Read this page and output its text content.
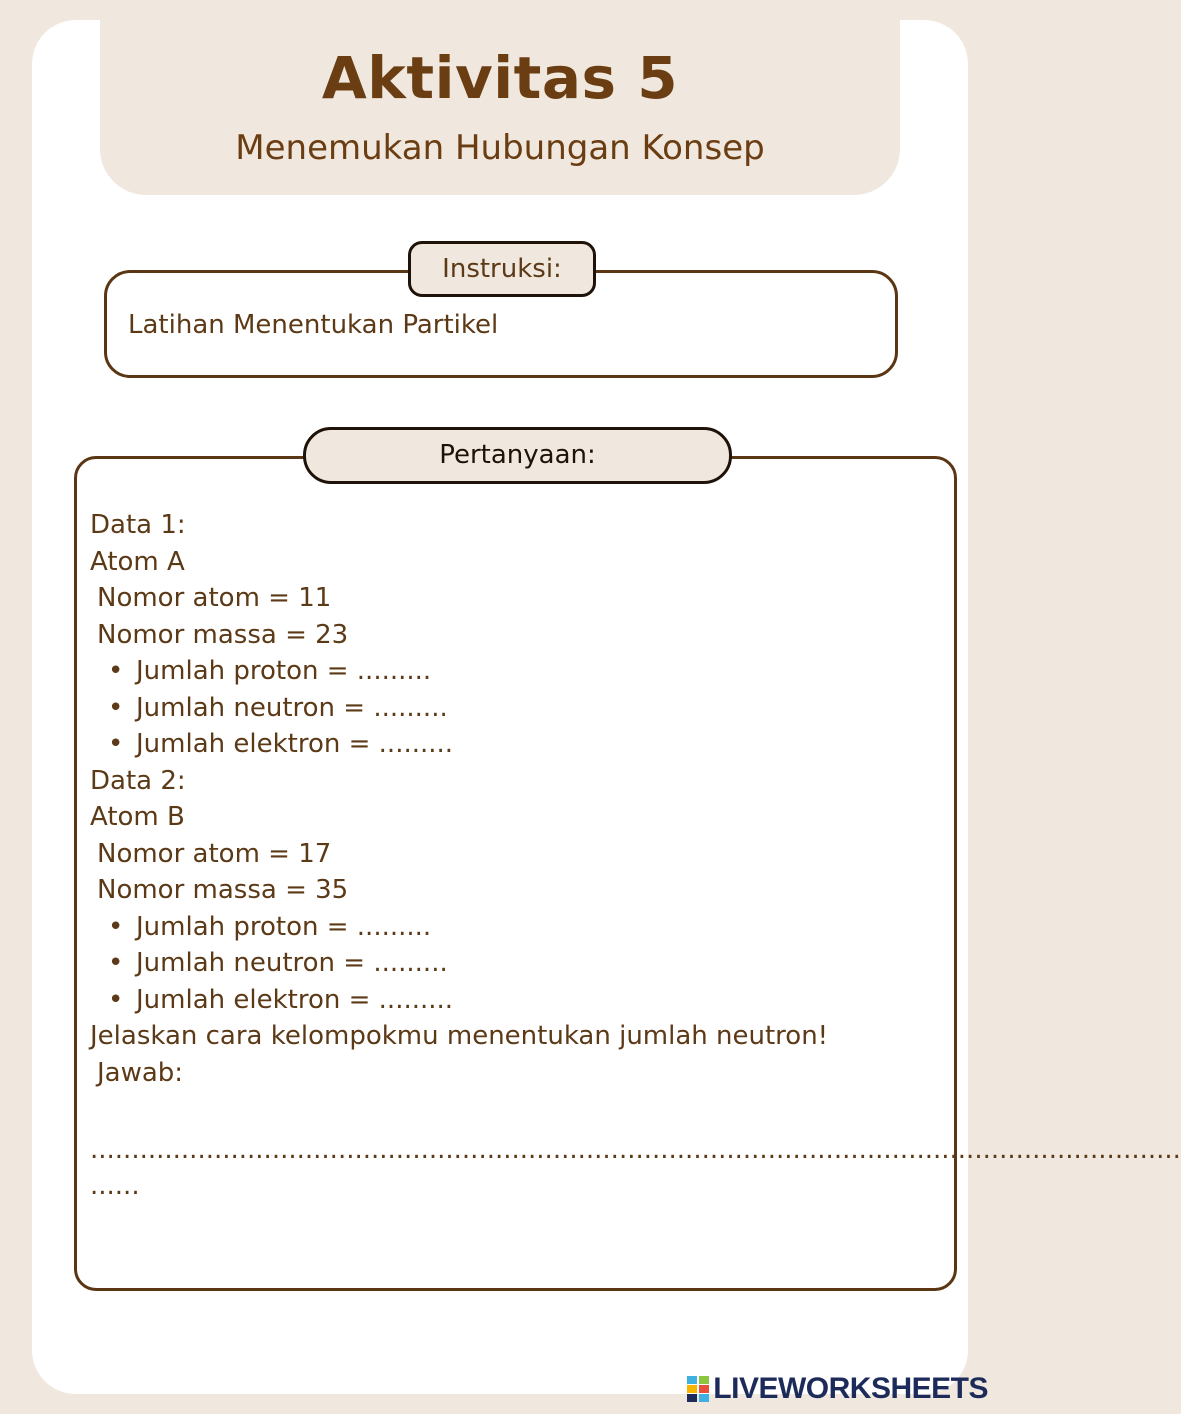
Aktivitas 5
Menemukan Hubungan Konsep
Instruksi:
Latihan Menentukan Partikel
Pertanyaan:
Data 1:
Atom A
Nomor atom = 11
Nomor massa = 23
• Jumlah proton = .........
• Jumlah neutron = .........
• Jumlah elektron = .........
Data 2:
Atom B
Nomor atom = 17
Nomor massa = 35
• Jumlah proton = .........
• Jumlah neutron = .........
• Jumlah elektron = .........
Jelaskan cara kelompokmu menentukan jumlah neutron!
Jawab:
....................................................................................................................................
......
LIVEWORKSHEETS
